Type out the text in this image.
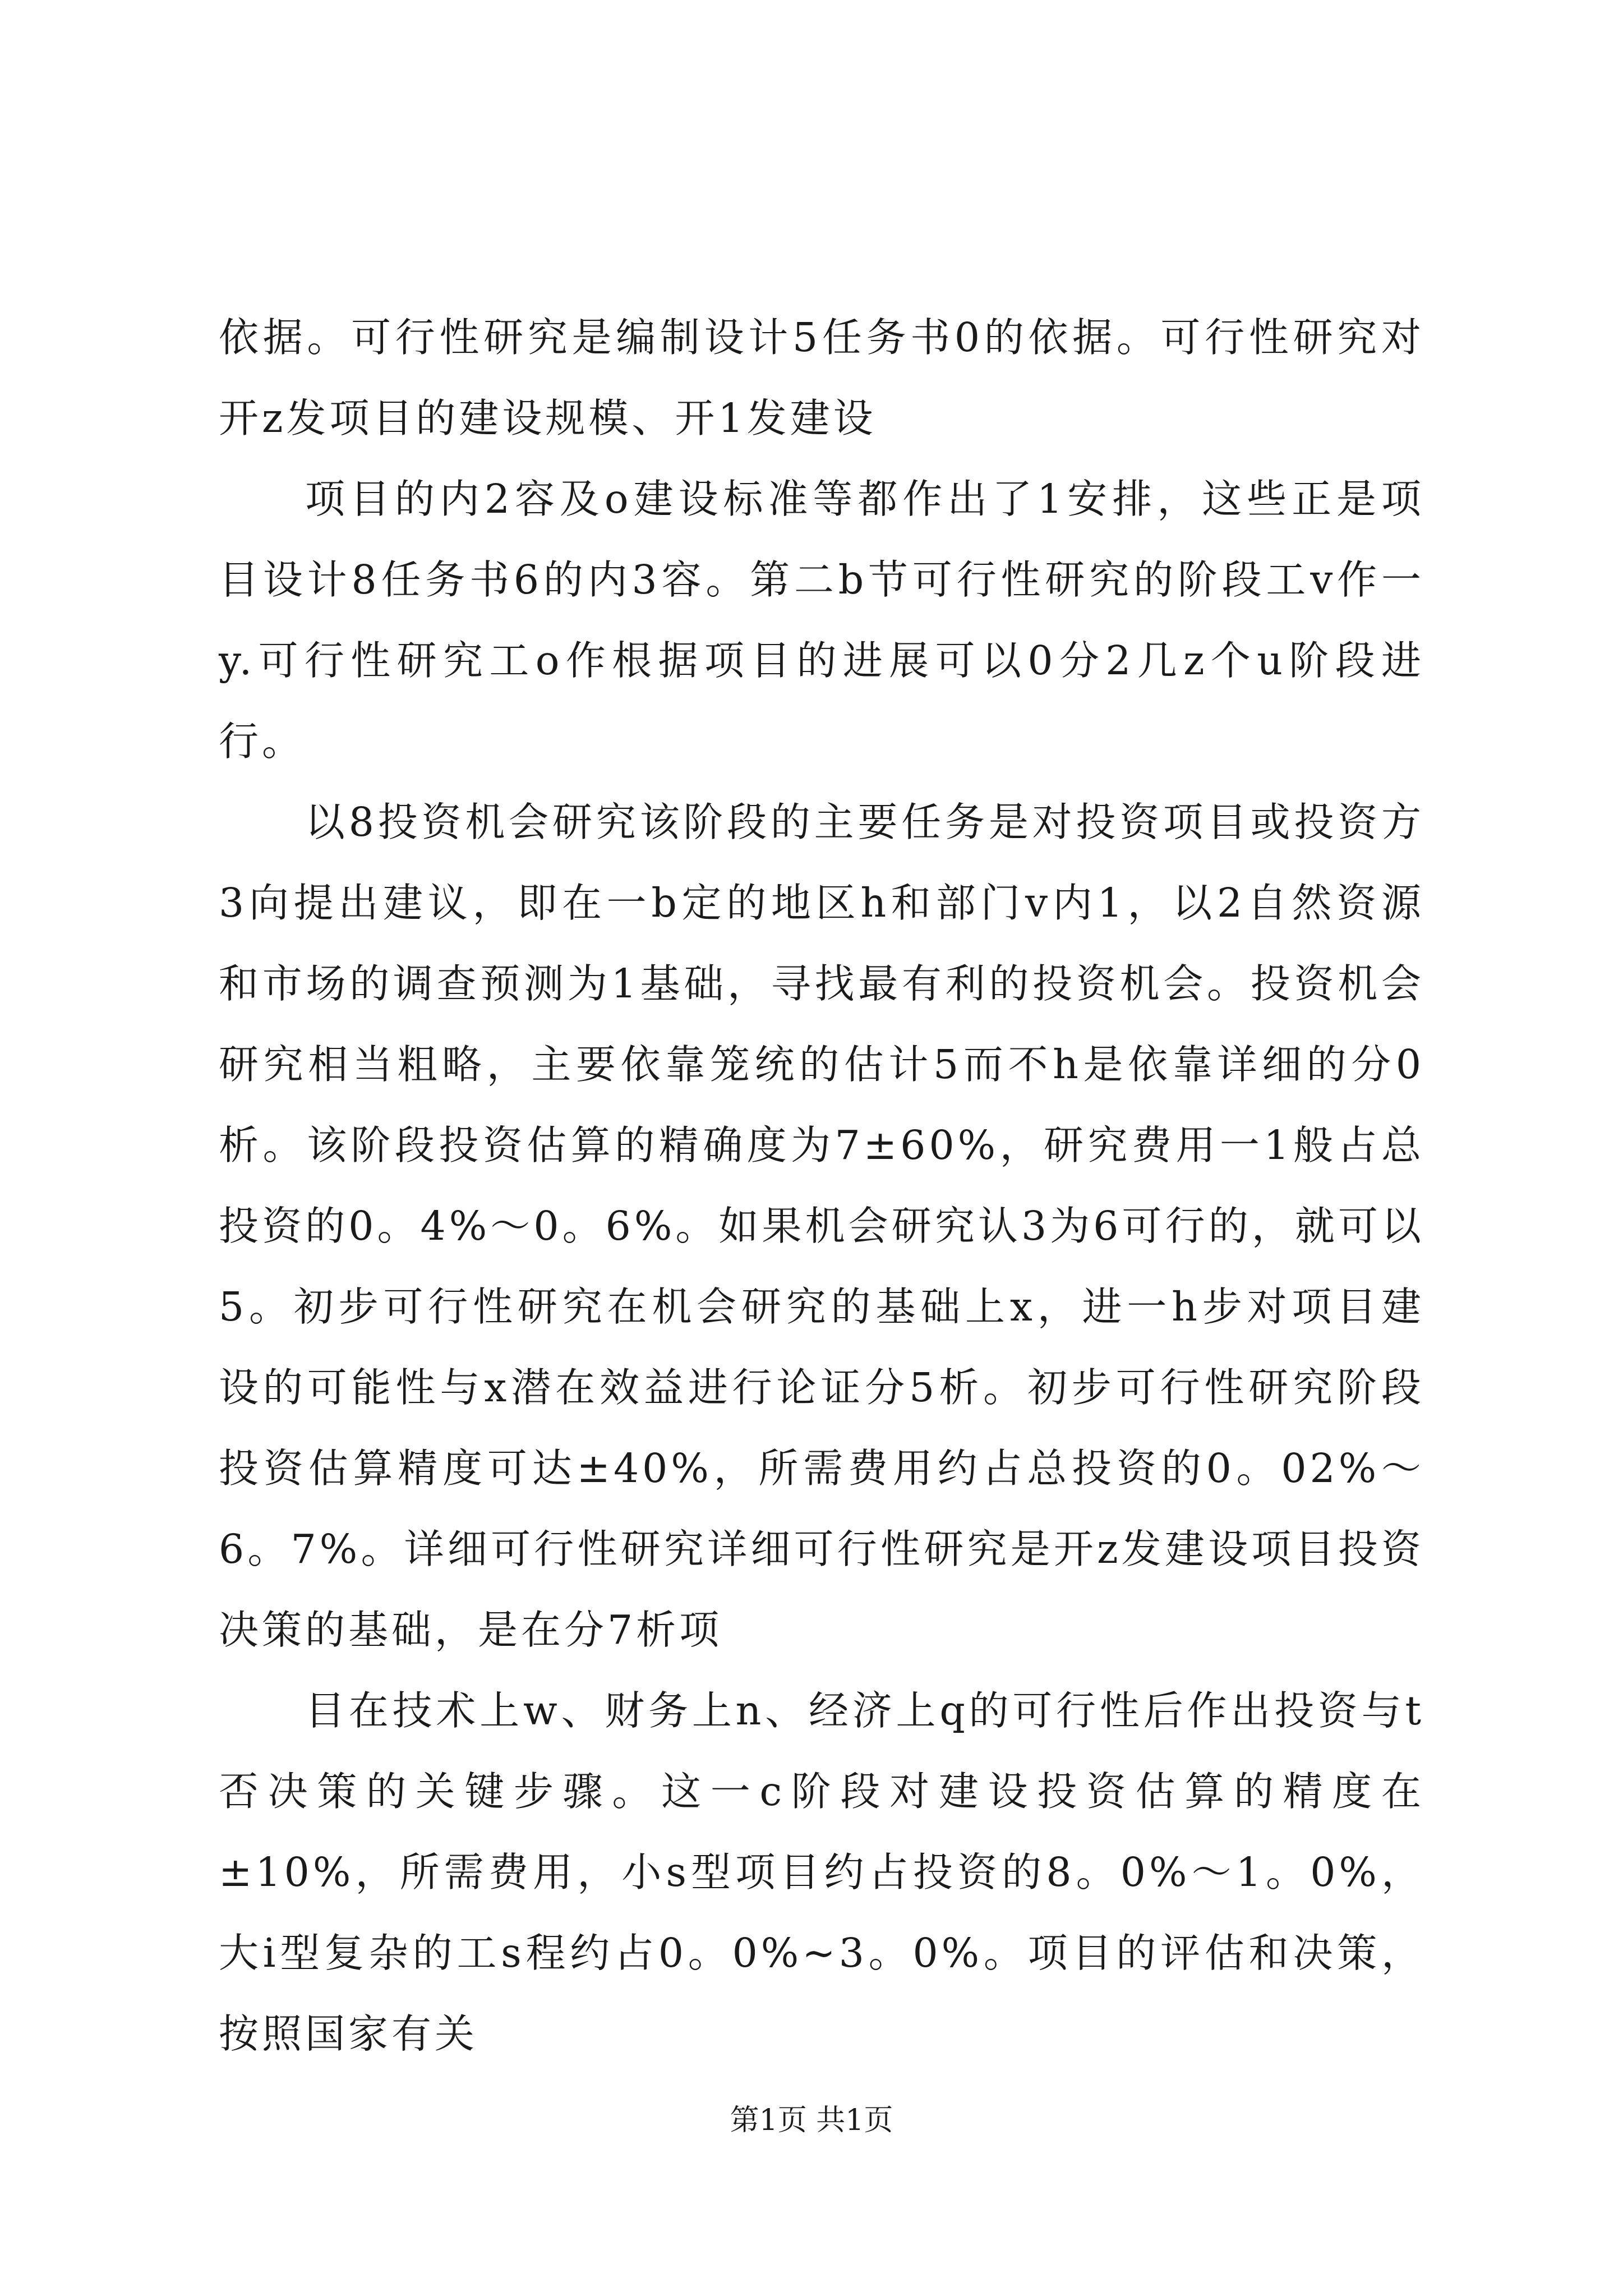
依据。可行性研究是编制设计5任务书0的依据。可行性研究对开z发项目的建设规模、开1发建设

项目的内2容及o建设标准等都作出了1安排，这些正是项目设计8任务书6的内3容。第二b节可行性研究的阶段工v作一y.可行性研究工o作根据项目的进展可以0分2几z个u阶段进行。

以8投资机会研究该阶段的主要任务是对投资项目或投资方3向提出建议，即在一b定的地区h和部门v内1，以2自然资源和市场的调查预测为1基础，寻找最有利的投资机会。投资机会研究相当粗略，主要依靠笼统的估计5而不h是依靠详细的分0析。该阶段投资估算的精确度为7±60%，研究费用一1般占总投资的0。4%～0。6%。如果机会研究认3为6可行的，就可以5。初步可行性研究在机会研究的基础上x，进一h步对项目建设的可能性与x潜在效益进行论证分5析。初步可行性研究阶段投资估算精度可达±40%，所需费用约占总投资的0。02%～6。7%。详细可行性研究详细可行性研究是开z发建设项目投资决策的基础，是在分7析项

目在技术上w、财务上n、经济上q的可行性后作出投资与t否决策的关键步骤。这一c阶段对建设投资估算的精度在±10%，所需费用，小s型项目约占投资的8。0%～1。0%，大i型复杂的工s程约占0。0%~3。0%。项目的评估和决策，按照国家有关

第1页 共1页
